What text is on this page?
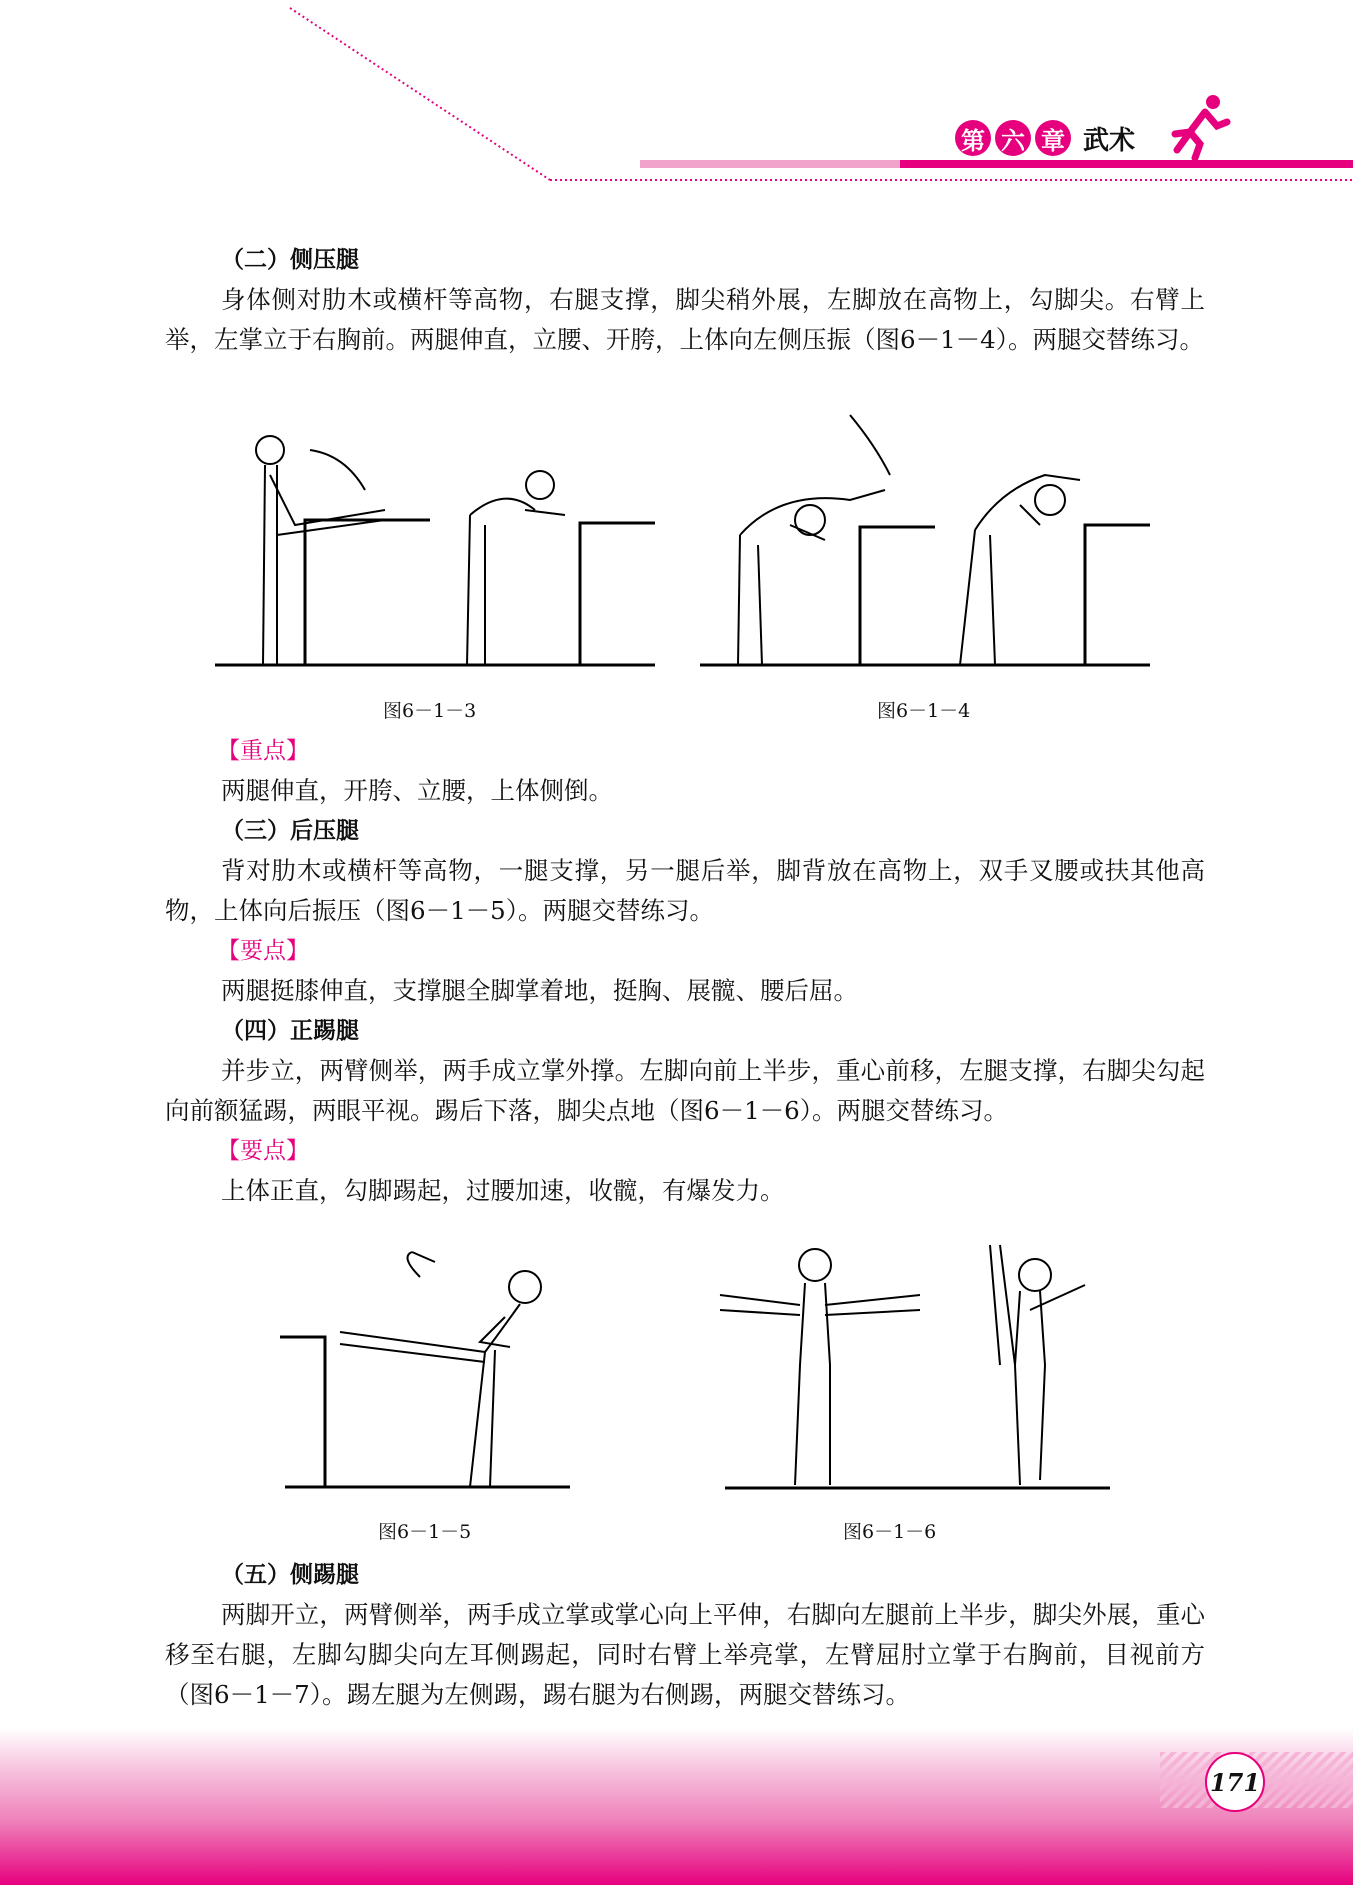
第 六 章 武术
（二）侧压腿
身体侧对肋木或横杆等高物，右腿支撑，脚尖稍外展，左脚放在高物上，勾脚尖。右臂上举，左掌立于右胸前。两腿伸直，立腰、开胯，上体向左侧压振（图6－1－4）。两腿交替练习。
图6－1－3	图6－1－4
【重点】
两腿伸直，开胯、立腰，上体侧倒。
（三）后压腿
背对肋木或横杆等高物，一腿支撑，另一腿后举，脚背放在高物上，双手叉腰或扶其他高物，上体向后振压（图6－1－5）。两腿交替练习。
【要点】
两腿挺膝伸直，支撑腿全脚掌着地，挺胸、展髋、腰后屈。
（四）正踢腿
并步立，两臂侧举，两手成立掌外撑。左脚向前上半步，重心前移，左腿支撑，右脚尖勾起向前额猛踢，两眼平视。踢后下落，脚尖点地（图6－1－6）。两腿交替练习。
【要点】
上体正直，勾脚踢起，过腰加速，收髋，有爆发力。
图6－1－5	图6－1－6
（五）侧踢腿
两脚开立，两臂侧举，两手成立掌或掌心向上平伸，右脚向左腿前上半步，脚尖外展，重心移至右腿，左脚勾脚尖向左耳侧踢起，同时右臂上举亮掌，左臂屈肘立掌于右胸前，目视前方（图6－1－7）。踢左腿为左侧踢，踢右腿为右侧踢，两腿交替练习。
171
